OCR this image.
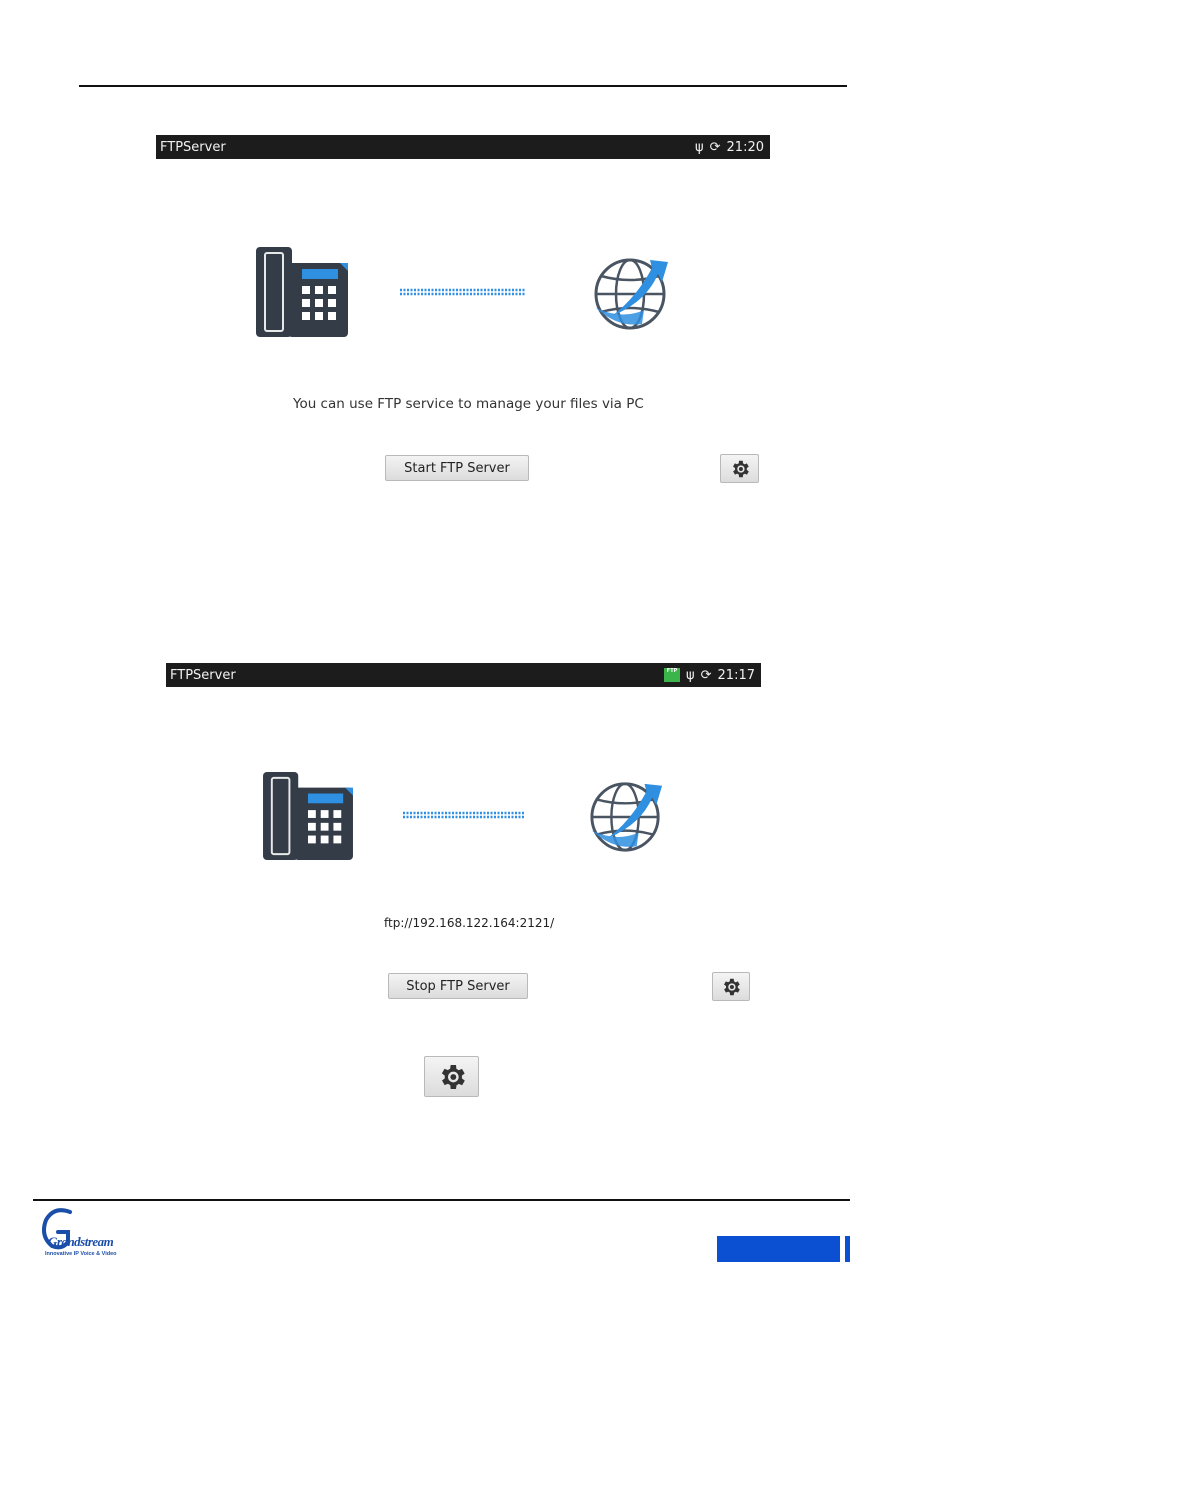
FTPServer	ψ ⟳ 21:20
You can use FTP service to manage your files via PC
Start FTP Server
FTPServer	FTP ψ ⟳ 21:17
ftp://192.168.122.164:2121/
Stop FTP Server
Grandstream
Innovative IP Voice & Video
